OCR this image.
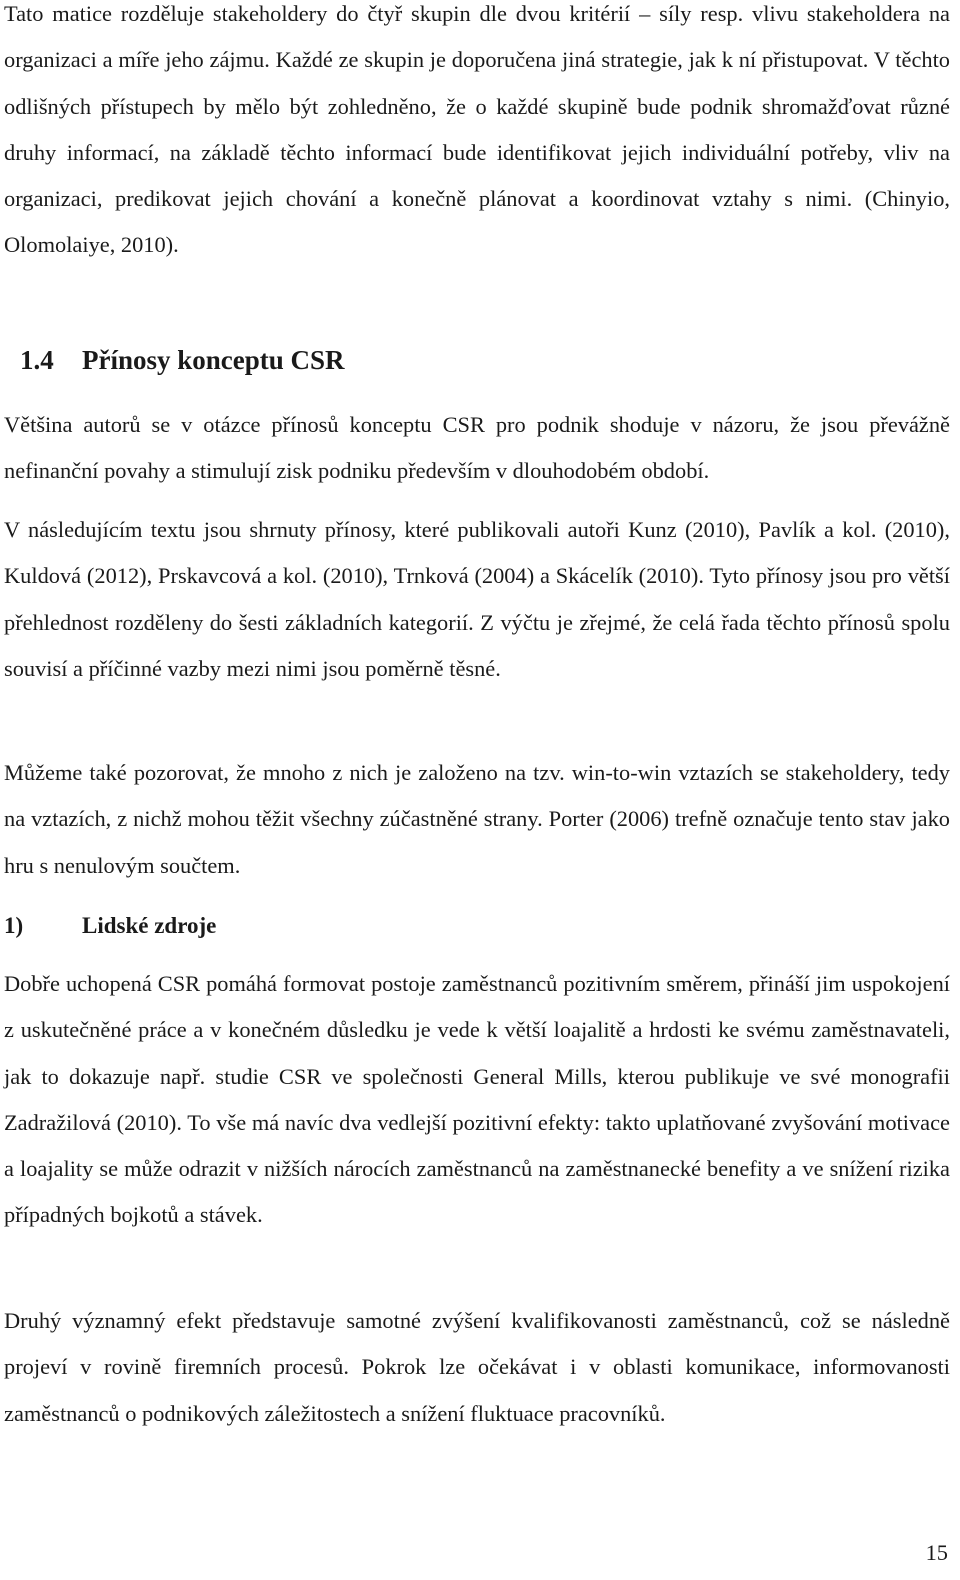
Tato matice rozděluje stakeholdery do čtyř skupin dle dvou kritérií – síly resp. vlivu stakeholdera na organizaci a míře jeho zájmu. Každé ze skupin je doporučena jiná strategie, jak k ní přistupovat. V těchto odlišných přístupech by mělo být zohledněno, že o každé skupině bude podnik shromažďovat různé druhy informací, na základě těchto informací bude identifikovat jejich individuální potřeby, vliv na organizaci, predikovat jejich chování a konečně plánovat a koordinovat vztahy s nimi. (Chinyio, Olomolaiye, 2010).

1.4 Přínosy konceptu CSR

Většina autorů se v otázce přínosů konceptu CSR pro podnik shoduje v názoru, že jsou převážně nefinanční povahy a stimulují zisk podniku především v dlouhodobém období.

V následujícím textu jsou shrnuty přínosy, které publikovali autoři Kunz (2010), Pavlík a kol. (2010), Kuldová (2012), Prskavcová a kol. (2010), Trnková (2004) a Skácelík (2010). Tyto přínosy jsou pro větší přehlednost rozděleny do šesti základních kategorií. Z výčtu je zřejmé, že celá řada těchto přínosů spolu souvisí a příčinné vazby mezi nimi jsou poměrně těsné.

Můžeme také pozorovat, že mnoho z nich je založeno na tzv. win-to-win vztazích se stakeholdery, tedy na vztazích, z nichž mohou těžit všechny zúčastněné strany. Porter (2006) trefně označuje tento stav jako hru s nenulovým součtem.

1)	Lidské zdroje

Dobře uchopená CSR pomáhá formovat postoje zaměstnanců pozitivním směrem, přináší jim uspokojení z uskutečněné práce a v konečném důsledku je vede k větší loajalitě a hrdosti ke svému zaměstnavateli, jak to dokazuje např. studie CSR ve společnosti General Mills, kterou publikuje ve své monografii Zadražilová (2010). To vše má navíc dva vedlejší pozitivní efekty: takto uplatňované zvyšování motivace a loajality se může odrazit v nižších nárocích zaměstnanců na zaměstnanecké benefity a ve snížení rizika případných bojkotů a stávek.

Druhý významný efekt představuje samotné zvýšení kvalifikovanosti zaměstnanců, což se následně projeví v rovině firemních procesů. Pokrok lze očekávat i v oblasti komunikace, informovanosti zaměstnanců o podnikových záležitostech a snížení fluktuace pracovníků.

15
